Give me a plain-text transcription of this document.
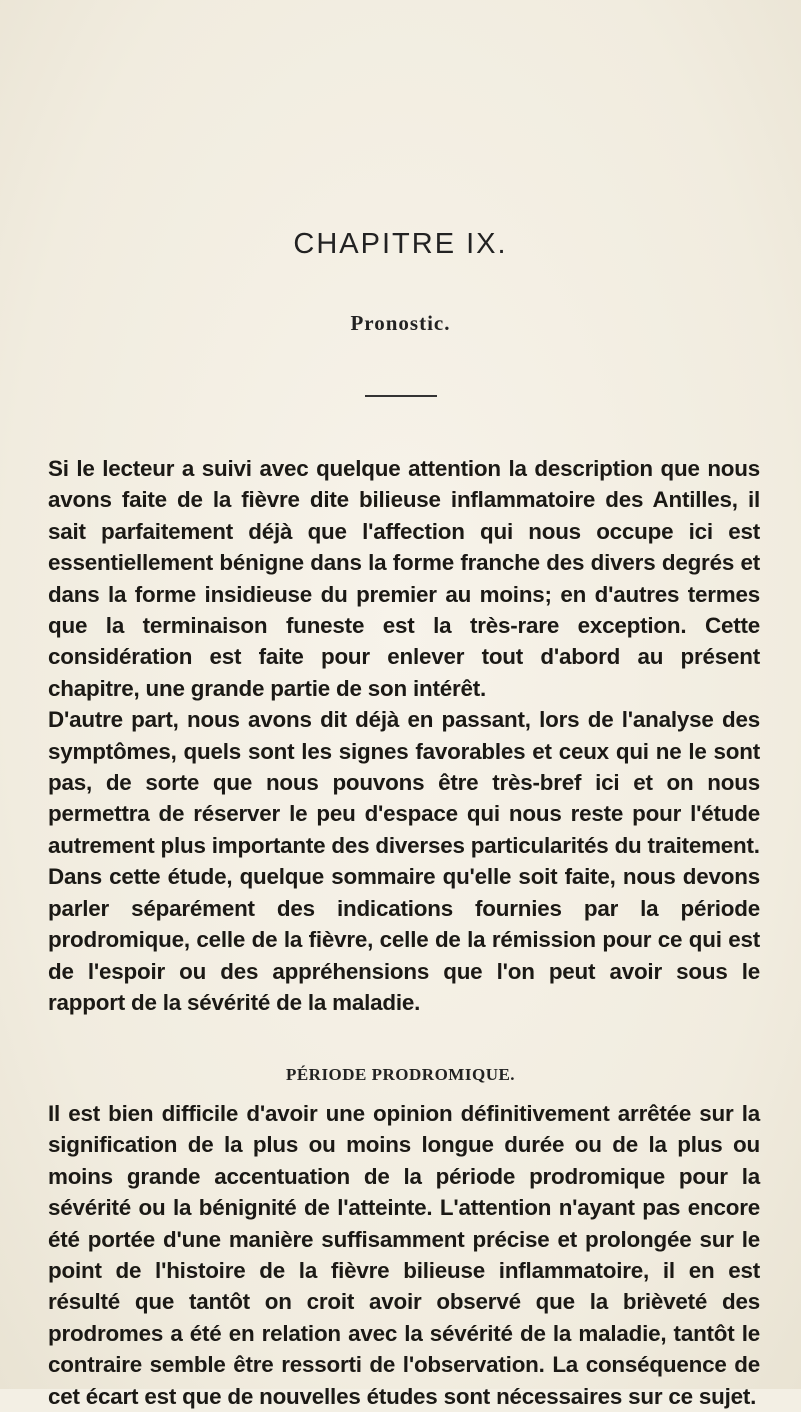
CHAPITRE IX.
Pronostic.

Si le lecteur a suivi avec quelque attention la description que nous avons faite de la fièvre dite bilieuse inflammatoire des Antilles, il sait parfaitement déjà que l'affection qui nous occupe ici est essentiellement bénigne dans la forme franche des divers degrés et dans la forme insidieuse du premier au moins; en d'autres termes que la terminaison funeste est la très-rare exception. Cette considération est faite pour enlever tout d'abord au présent chapitre, une grande partie de son intérêt.

D'autre part, nous avons dit déjà en passant, lors de l'analyse des symptômes, quels sont les signes favorables et ceux qui ne le sont pas, de sorte que nous pouvons être très-bref ici et on nous permettra de réserver le peu d'espace qui nous reste pour l'étude autrement plus importante des diverses particularités du traitement.

Dans cette étude, quelque sommaire qu'elle soit faite, nous devons parler séparément des indications fournies par la période prodromique, celle de la fièvre, celle de la rémission pour ce qui est de l'espoir ou des appréhensions que l'on peut avoir sous le rapport de la sévérité de la maladie.

PÉRIODE PRODROMIQUE.

Il est bien difficile d'avoir une opinion définitivement arrêtée sur la signification de la plus ou moins longue durée ou de la plus ou moins grande accentuation de la période prodromique pour la sévérité ou la bénignité de l'atteinte. L'attention n'ayant pas encore été portée d'une manière suffisamment précise et prolongée sur le point de l'histoire de la fièvre bilieuse inflammatoire, il en est résulté que tantôt on croit avoir observé que la brièveté des prodromes a été en relation avec la sévérité de la maladie, tantôt le contraire semble être ressorti de l'observation. La conséquence de cet écart est que de nouvelles études sont nécessaires sur ce sujet.
